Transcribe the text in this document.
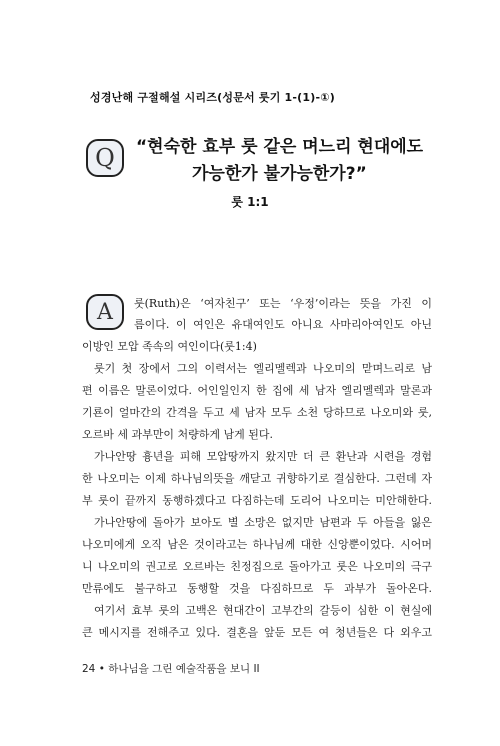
성경난해 구절해설 시리즈(성문서 룻기 1-(1)-①)
Q	“현숙한 효부 룻 같은 며느리 현대에도
가능한가 불가능한가?”
룻 1:1
A	룻(Ruth)은 ‘여자친구’ 또는 ‘우정’이라는 뜻을 가진 이
름이다. 이 여인은 유대여인도 아니요 사마리아여인도 아닌
이방인 모압 족속의 여인이다(룻1:4)
룻기 첫 장에서 그의 이력서는 엘리멜렉과 나오미의 맏며느리로 남
편 이름은 말론이었다. 어인일인지 한 집에 세 남자 엘리멜렉과 말론과
기룐이 얼마간의 간격을 두고 세 남자 모두 소천 당하므로 나오미와 룻,
오르바 세 과부만이 처량하게 남게 된다.
가나안땅 흉년을 피해 모압땅까지 왔지만 더 큰 환난과 시련을 경험
한 나오미는 이제 하나님의뜻을 깨닫고 귀향하기로 결심한다. 그런데 자
부 룻이 끝까지 동행하겠다고 다짐하는데 도리어 나오미는 미안해한다.
가나안땅에 돌아가 보아도 별 소망은 없지만 남편과 두 아들을 잃은
나오미에게 오직 남은 것이라고는 하나님께 대한 신앙뿐이었다. 시어머
니 나오미의 권고로 오르바는 친정집으로 돌아가고 룻은 나오미의 극구
만류에도 불구하고 동행할 것을 다짐하므로 두 과부가 돌아온다.
여기서 효부 룻의 고백은 현대간이 고부간의 갈등이 심한 이 현실에
큰 메시지를 전해주고 있다. 결혼을 앞둔 모든 여 청년들은 다 외우고
24 • 하나님을 그린 예술작품을 보니 II
